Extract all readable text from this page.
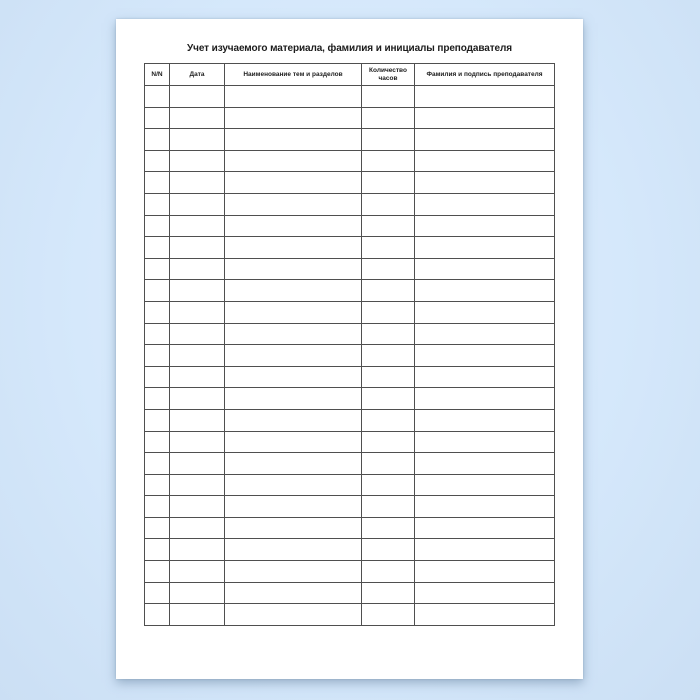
Учет изучаемого материала, фамилия и инициалы преподавателя
N/N	Дата	Наименование тем и разделов	Количество часов	Фамилия и подпись преподавателя
